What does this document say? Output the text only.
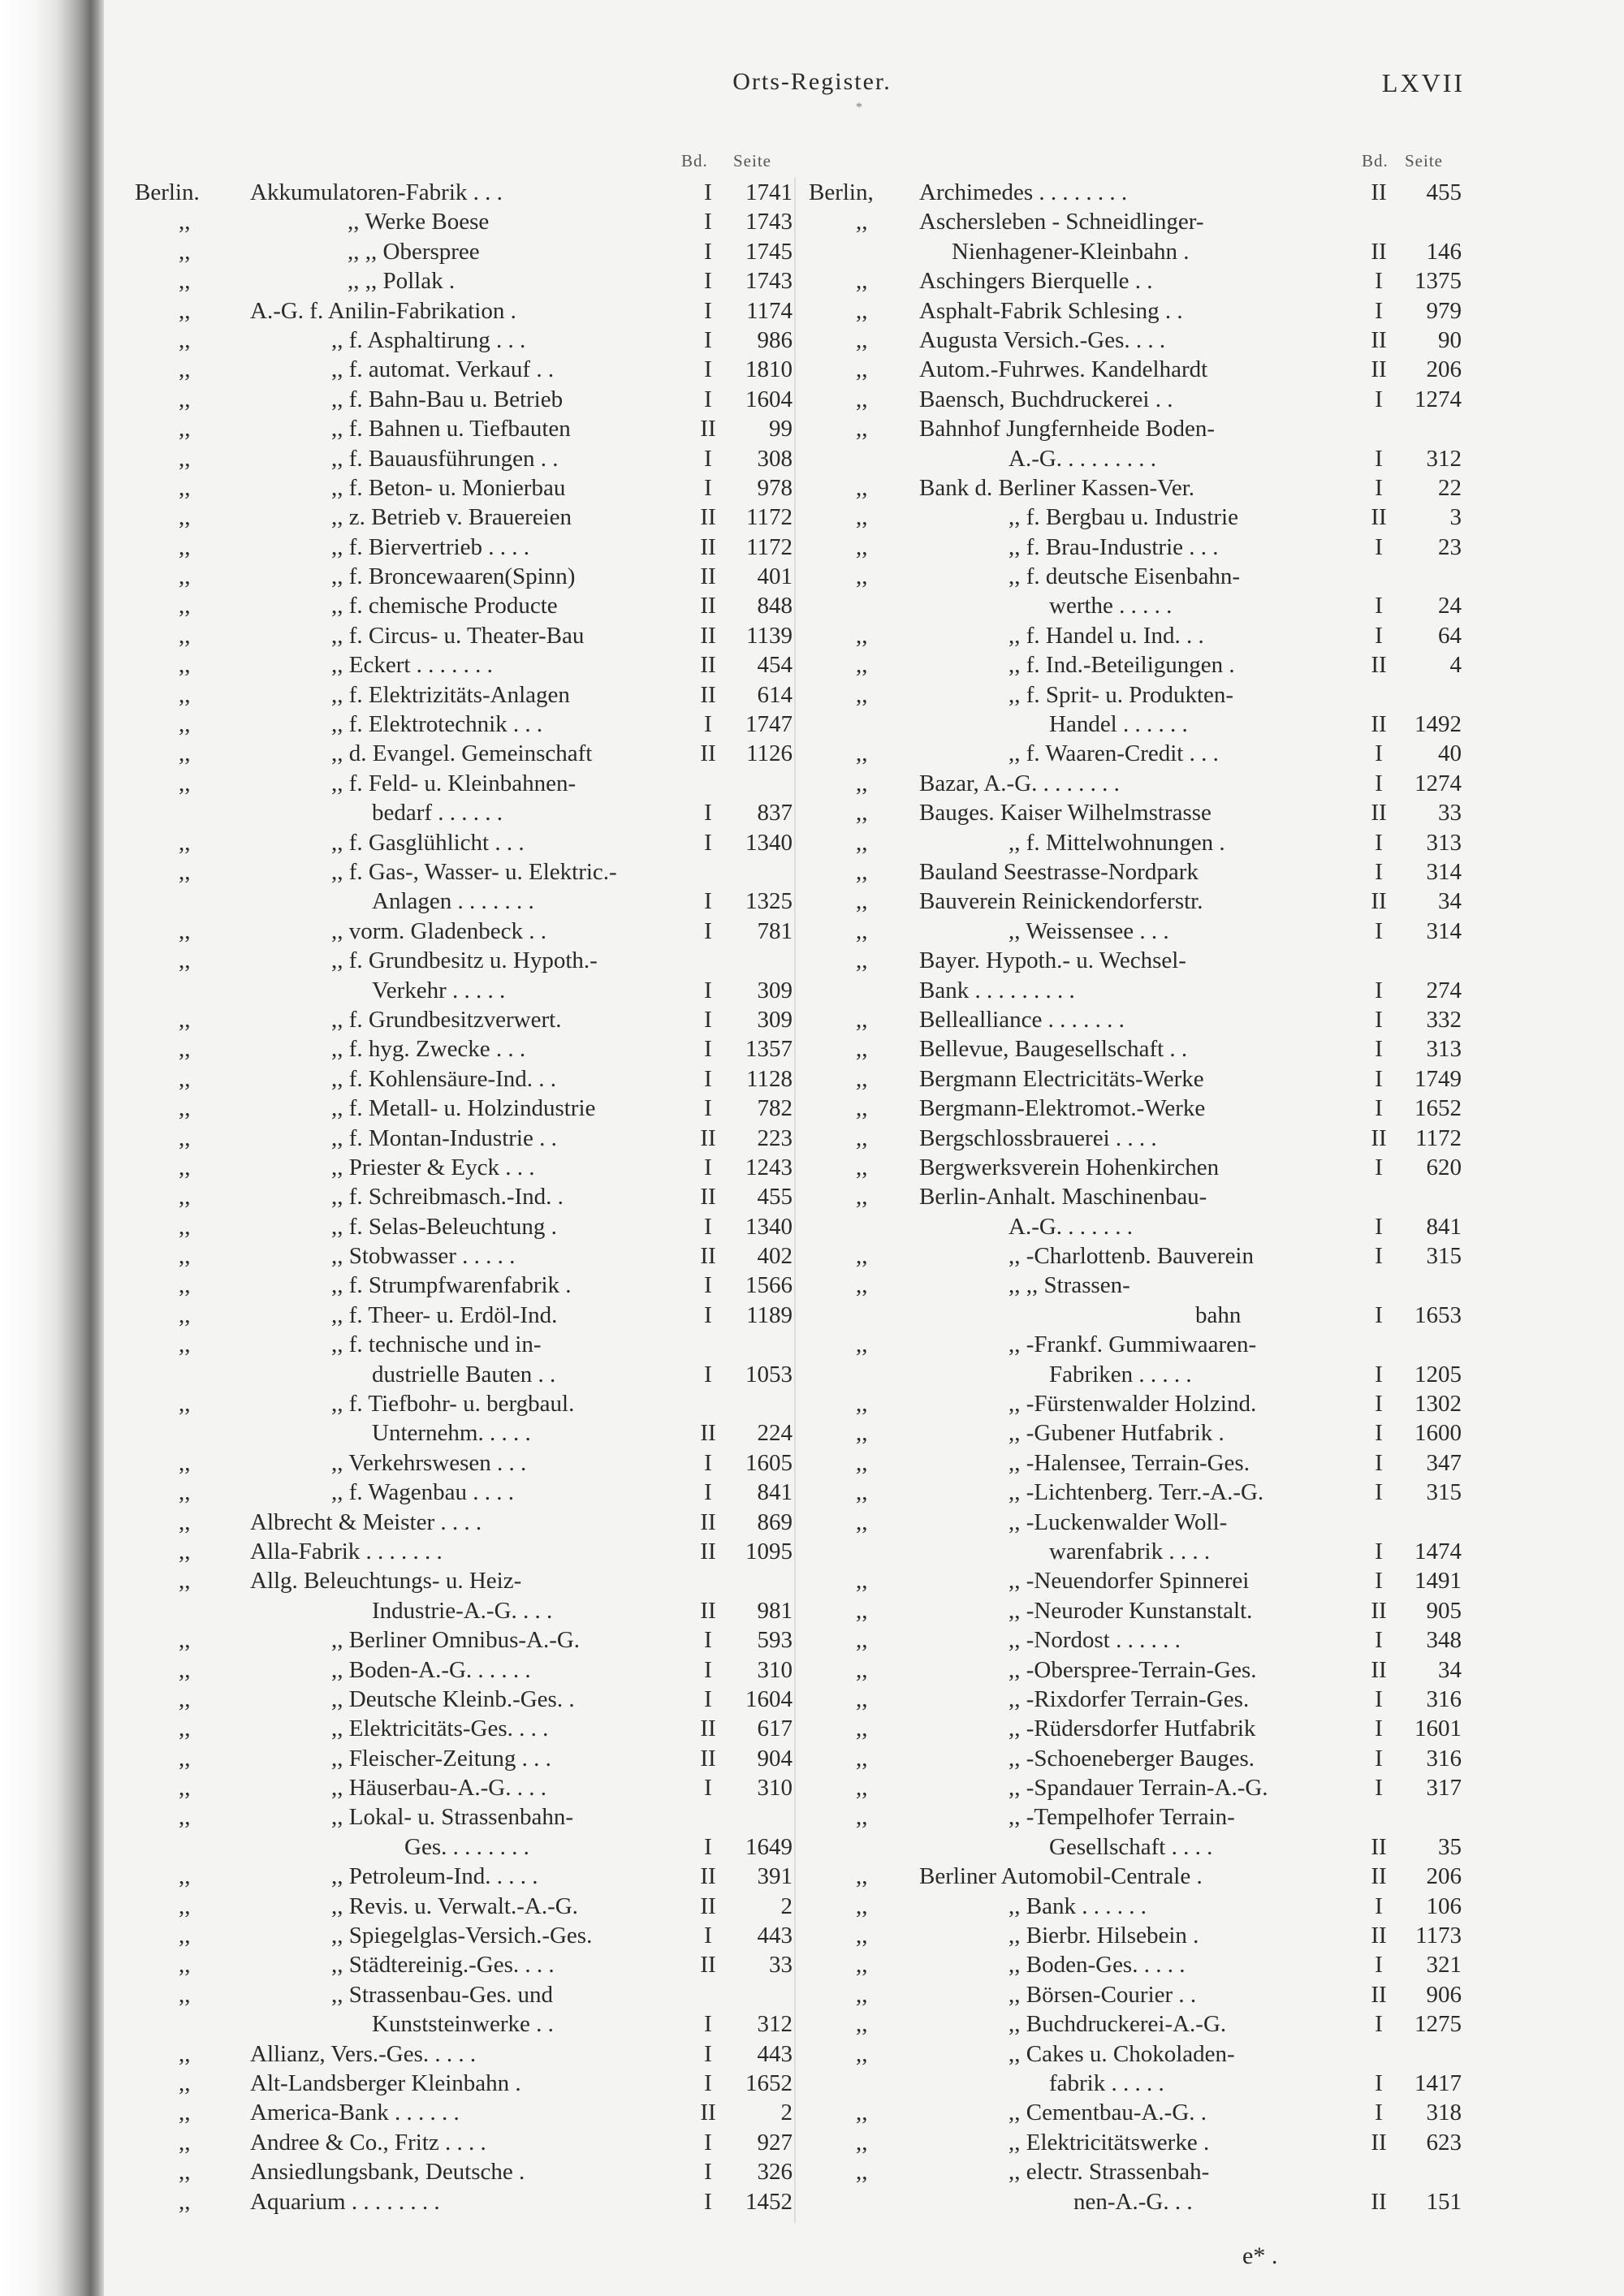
Orts-Register.
*
LXVII
Bd. Seite	Bd. Seite
Berlin. Akkumulatoren-Fabrik . . .	I	1741
,,	,, Werke Boese	I	1743
,,	,, ,, Oberspree	I	1745
,,	,, ,, Pollak .	I	1743
,,	A.-G. f. Anilin-Fabrikation .	I	1174
,,	,, f. Asphaltirung . . .	I	986
,,	,, f. automat. Verkauf . .	I	1810
,,	,, f. Bahn-Bau u. Betrieb	I	1604
,,	,, f. Bahnen u. Tiefbauten	II	99
,,	,, f. Bauausführungen . .	I	308
,,	,, f. Beton- u. Monierbau	I	978
,,	,, z. Betrieb v. Brauereien	II	1172
,,	,, f. Biervertrieb . . . .	II	1172
,,	,, f. Broncewaaren(Spinn)	II	401
,,	,, f. chemische Producte	II	848
,,	,, f. Circus- u. Theater-Bau	II	1139
,,	,, Eckert . . . . . . .	II	454
,,	,, f. Elektrizitäts-Anlagen	II	614
,,	,, f. Elektrotechnik . . .	I	1747
,,	,, d. Evangel. Gemeinschaft	II	1126
,,	,, f. Feld- u. Kleinbahnen-
bedarf . . . . . .	I	837
,,	,, f. Gasglühlicht . . .	I	1340
,,	,, f. Gas-, Wasser- u. Elektric.-
Anlagen . . . . . . .	I	1325
,,	,, vorm. Gladenbeck . .	I	781
,,	,, f. Grundbesitz u. Hypoth.-
Verkehr . . . . .	I	309
,,	,, f. Grundbesitzverwert.	I	309
,,	,, f. hyg. Zwecke . . .	I	1357
,,	,, f. Kohlensäure-Ind. . .	I	1128
,,	,, f. Metall- u. Holzindustrie	I	782
,,	,, f. Montan-Industrie . .	II	223
,,	,, Priester & Eyck . . .	I	1243
,,	,, f. Schreibmasch.-Ind. .	II	455
,,	,, f. Selas-Beleuchtung .	I	1340
,,	,, Stobwasser . . . . .	II	402
,,	,, f. Strumpfwarenfabrik .	I	1566
,,	,, f. Theer- u. Erdöl-Ind.	I	1189
,,	,, f. technische und in-
dustrielle Bauten . .	I	1053
,,	,, f. Tiefbohr- u. bergbaul.
Unternehm. . . . .	II	224
,,	,, Verkehrswesen . . .	I	1605
,,	,, f. Wagenbau . . . .	I	841
,,	Albrecht & Meister . . . .	II	869
,,	Alla-Fabrik . . . . . . .	II	1095
,,	Allg. Beleuchtungs- u. Heiz-
Industrie-A.-G. . . .	II	981
,,	,, Berliner Omnibus-A.-G.	I	593
,,	,, Boden-A.-G. . . . . .	I	310
,,	,, Deutsche Kleinb.-Ges. .	I	1604
,,	,, Elektricitäts-Ges. . . .	II	617
,,	,, Fleischer-Zeitung . . .	II	904
,,	,, Häuserbau-A.-G. . . .	I	310
,,	,, Lokal- u. Strassenbahn-
Ges. . . . . . . .	I	1649
,,	,, Petroleum-Ind. . . . .	II	391
,,	,, Revis. u. Verwalt.-A.-G.	II	2
,,	,, Spiegelglas-Versich.-Ges.	I	443
,,	,, Städtereinig.-Ges. . . .	II	33
,,	,, Strassenbau-Ges. und
Kunststeinwerke . .	I	312
,,	Allianz, Vers.-Ges. . . . .	I	443
,,	Alt-Landsberger Kleinbahn .	I	1652
,,	America-Bank . . . . . .	II	2
,,	Andree & Co., Fritz . . . .	I	927
,,	Ansiedlungsbank, Deutsche .	I	326
,,	Aquarium . . . . . . . .	I	1452
Berlin, Archimedes . . . . . . . .	II	455
,, Aschersleben - Schneidlinger-
Nienhagener-Kleinbahn .	II	146
,, Aschingers Bierquelle . .	I	1375
,, Asphalt-Fabrik Schlesing . .	I	979
,, Augusta Versich.-Ges. . . .	II	90
,, Autom.-Fuhrwes. Kandelhardt	II	206
,, Baensch, Buchdruckerei . .	I	1274
,, Bahnhof Jungfernheide Boden-
A.-G. . . . . . . . .	I	312
,, Bank d. Berliner Kassen-Ver.	I	22
,,	,, f. Bergbau u. Industrie	II	3
,,	,, f. Brau-Industrie . . .	I	23
,,	,, f. deutsche Eisenbahn-
werthe . . . . .	I	24
,,	,, f. Handel u. Ind. . .	I	64
,,	,, f. Ind.-Beteiligungen .	II	4
,,	,, f. Sprit- u. Produkten-
Handel . . . . . .	II	1492
,,	,, f. Waaren-Credit . . .	I	40
,, Bazar, A.-G. . . . . . . .	I	1274
,, Bauges. Kaiser Wilhelmstrasse	II	33
,,	,, f. Mittelwohnungen .	I	313
,, Bauland Seestrasse-Nordpark	I	314
,, Bauverein Reinickendorferstr.	II	34
,,	,, Weissensee . . .	I	314
,, Bayer. Hypoth.- u. Wechsel-
Bank . . . . . . . . .	I	274
,, Bellealliance . . . . . . .	I	332
,, Bellevue, Baugesellschaft . .	I	313
,, Bergmann Electricitäts-Werke	I	1749
,, Bergmann-Elektromot.-Werke	I	1652
,, Bergschlossbrauerei . . . .	II	1172
,, Bergwerksverein Hohenkirchen	I	620
,, Berlin-Anhalt. Maschinenbau-
A.-G. . . . . . .	I	841
,,	,, -Charlottenb. Bauverein	I	315
,,	,, ,, Strassen-
bahn	I	1653
,,	,, -Frankf. Gummiwaaren-
Fabriken . . . . .	I	1205
,,	,, -Fürstenwalder Holzind.	I	1302
,,	,, -Gubener Hutfabrik .	I	1600
,,	,, -Halensee, Terrain-Ges.	I	347
,,	,, -Lichtenberg. Terr.-A.-G.	I	315
,,	,, -Luckenwalder Woll-
warenfabrik . . . .	I	1474
,,	,, -Neuendorfer Spinnerei	I	1491
,,	,, -Neuroder Kunstanstalt.	II	905
,,	,, -Nordost . . . . . .	I	348
,,	,, -Oberspree-Terrain-Ges.	II	34
,,	,, -Rixdorfer Terrain-Ges.	I	316
,,	,, -Rüdersdorfer Hutfabrik	I	1601
,,	,, -Schoeneberger Bauges.	I	316
,,	,, -Spandauer Terrain-A.-G.	I	317
,,	,, -Tempelhofer Terrain-
Gesellschaft . . . .	II	35
,, Berliner Automobil-Centrale .	II	206
,,	,, Bank . . . . . .	I	106
,,	,, Bierbr. Hilsebein .	II	1173
,,	,, Boden-Ges. . . . .	I	321
,,	,, Börsen-Courier . .	II	906
,,	,, Buchdruckerei-A.-G.	I	1275
,,	,, Cakes u. Chokoladen-
fabrik . . . . .	I	1417
,,	,, Cementbau-A.-G. .	I	318
,,	,, Elektricitätswerke .	II	623
,,	,, electr. Strassenbah-
nen-A.-G. . .	II	151
e* .
